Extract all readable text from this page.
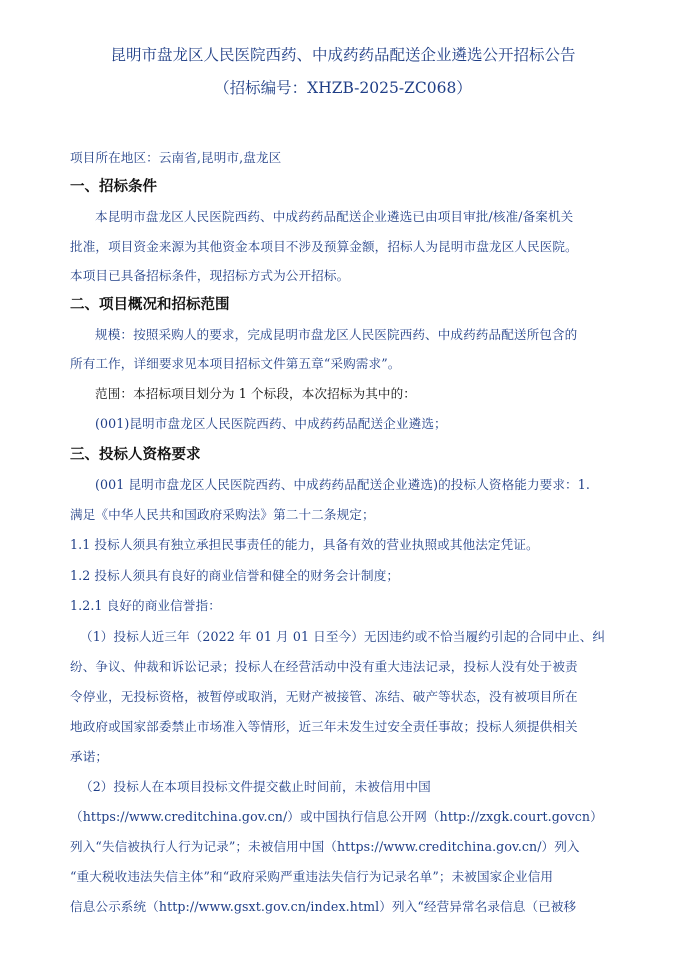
昆明市盘龙区人民医院西药、中成药药品配送企业遴选公开招标公告

（招标编号：XHZB-2025-ZC068）

项目所在地区：云南省,昆明市,盘龙区

一、招标条件

本昆明市盘龙区人民医院西药、中成药药品配送企业遴选已由项目审批/核准/备案机关

批准，项目资金来源为其他资金本项目不涉及预算金额，招标人为昆明市盘龙区人民医院。

本项目已具备招标条件，现招标方式为公开招标。

二、项目概况和招标范围

规模：按照采购人的要求，完成昆明市盘龙区人民医院西药、中成药药品配送所包含的

所有工作，详细要求见本项目招标文件第五章“采购需求”。

范围：本招标项目划分为 1 个标段，本次招标为其中的：

(001)昆明市盘龙区人民医院西药、中成药药品配送企业遴选；

三、投标人资格要求

(001 昆明市盘龙区人民医院西药、中成药药品配送企业遴选)的投标人资格能力要求：1.

满足《中华人民共和国政府采购法》第二十二条规定；

1.1 投标人须具有独立承担民事责任的能力，具备有效的营业执照或其他法定凭证。

1.2 投标人须具有良好的商业信誉和健全的财务会计制度；

1.2.1 良好的商业信誉指：

（1）投标人近三年（2022 年 01 月 01 日至今）无因违约或不恰当履约引起的合同中止、纠

纷、争议、仲裁和诉讼记录；投标人在经营活动中没有重大违法记录，投标人没有处于被责

令停业，无投标资格，被暂停或取消，无财产被接管、冻结、破产等状态，没有被项目所在

地政府或国家部委禁止市场准入等情形，近三年未发生过安全责任事故；投标人须提供相关

承诺；

（2）投标人在本项目投标文件提交截止时间前，未被信用中国

（https://www.creditchina.gov.cn/）或中国执行信息公开网（http://zxgk.court.govcn）

列入“失信被执行人行为记录”；未被信用中国（https://www.creditchina.gov.cn/）列入

“重大税收违法失信主体”和“政府采购严重违法失信行为记录名单”；未被国家企业信用

信息公示系统（http://www.gsxt.gov.cn/index.html）列入“经营异常名录信息（已被移
